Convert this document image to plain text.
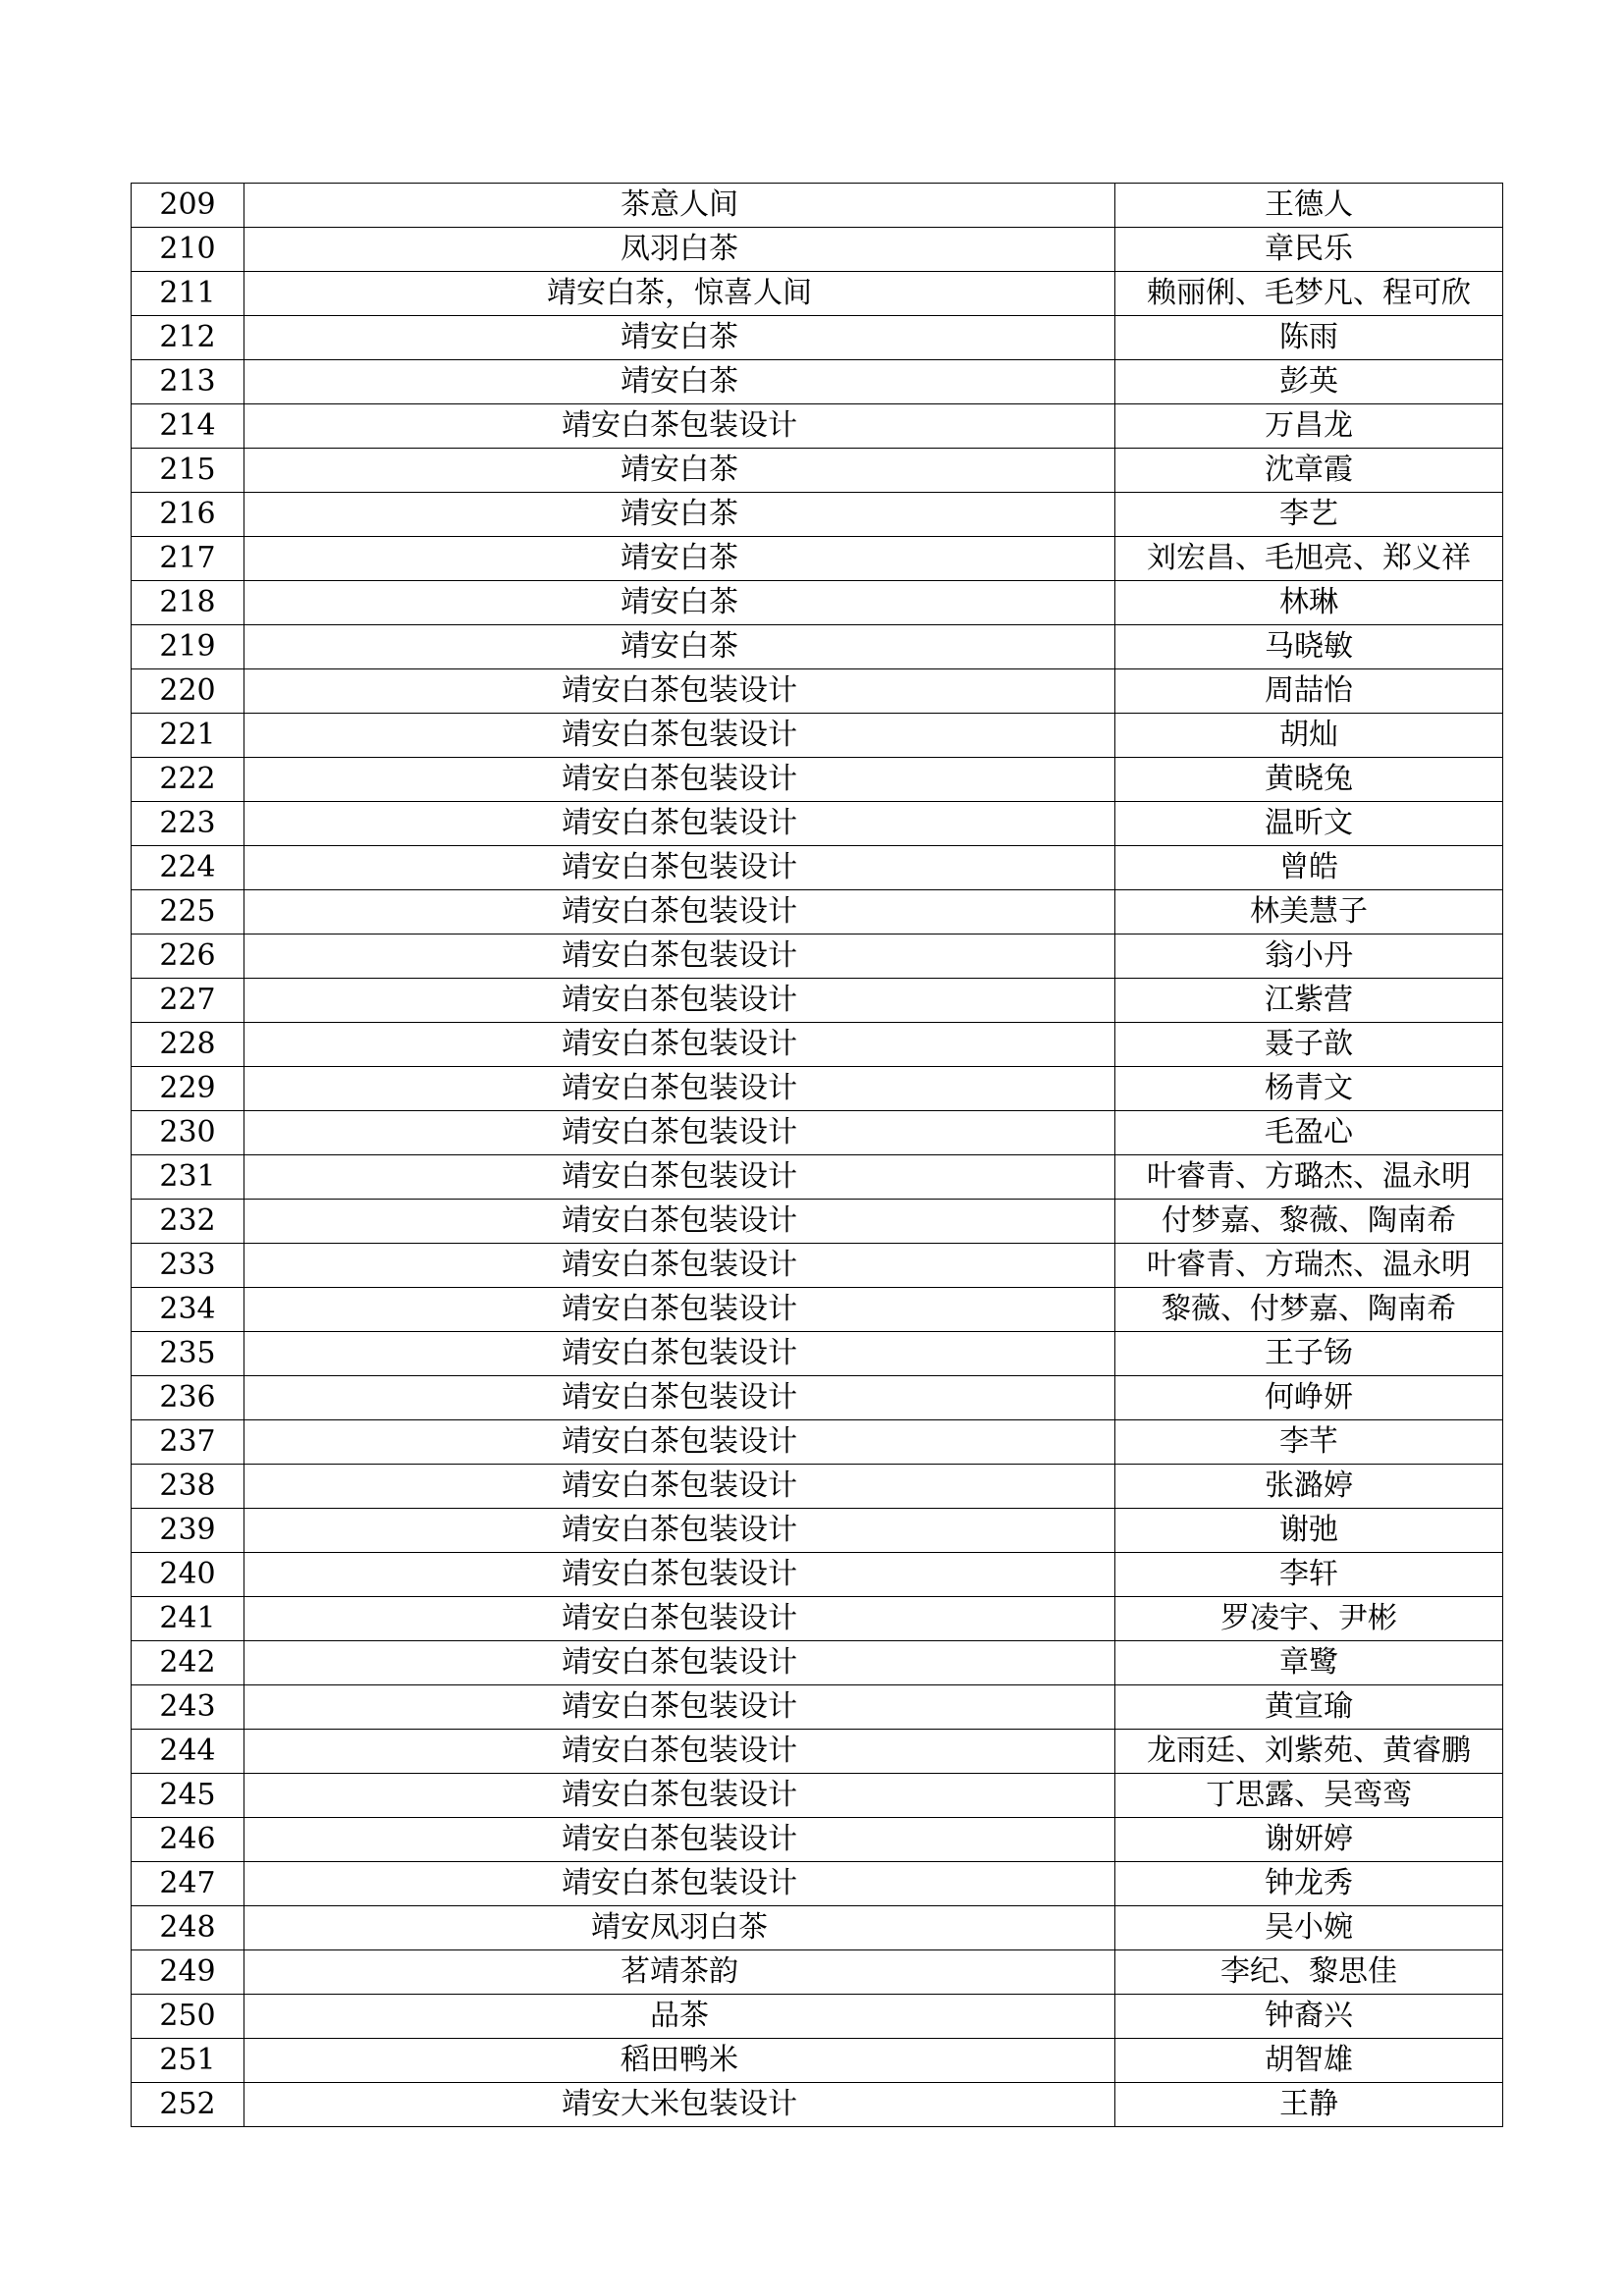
209	茶意人间	王德人
210	凤羽白茶	章民乐
211	靖安白茶，惊喜人间	赖丽俐、毛梦凡、程可欣
212	靖安白茶	陈雨
213	靖安白茶	彭英
214	靖安白茶包装设计	万昌龙
215	靖安白茶	沈章霞
216	靖安白茶	李艺
217	靖安白茶	刘宏昌、毛旭亮、郑义祥
218	靖安白茶	林琳
219	靖安白茶	马晓敏
220	靖安白茶包装设计	周喆怡
221	靖安白茶包装设计	胡灿
222	靖安白茶包装设计	黄晓兔
223	靖安白茶包装设计	温昕文
224	靖安白茶包装设计	曾皓
225	靖安白茶包装设计	林美慧子
226	靖安白茶包装设计	翁小丹
227	靖安白茶包装设计	江紫营
228	靖安白茶包装设计	聂子歆
229	靖安白茶包装设计	杨青文
230	靖安白茶包装设计	毛盈心
231	靖安白茶包装设计	叶睿青、方璐杰、温永明
232	靖安白茶包装设计	付梦嘉、黎薇、陶南希
233	靖安白茶包装设计	叶睿青、方瑞杰、温永明
234	靖安白茶包装设计	黎薇、付梦嘉、陶南希
235	靖安白茶包装设计	王子钖
236	靖安白茶包装设计	何峥妍
237	靖安白茶包装设计	李芊
238	靖安白茶包装设计	张潞婷
239	靖安白茶包装设计	谢弛
240	靖安白茶包装设计	李轩
241	靖安白茶包装设计	罗凌宇、尹彬
242	靖安白茶包装设计	章鹭
243	靖安白茶包装设计	黄宣瑜
244	靖安白茶包装设计	龙雨廷、刘紫苑、黄睿鹏
245	靖安白茶包装设计	丁思露、吴鸾鸾
246	靖安白茶包装设计	谢妍婷
247	靖安白茶包装设计	钟龙秀
248	靖安凤羽白茶	吴小婉
249	茗靖茶韵	李纪、黎思佳
250	品茶	钟裔兴
251	稻田鸭米	胡智雄
252	靖安大米包装设计	王静
